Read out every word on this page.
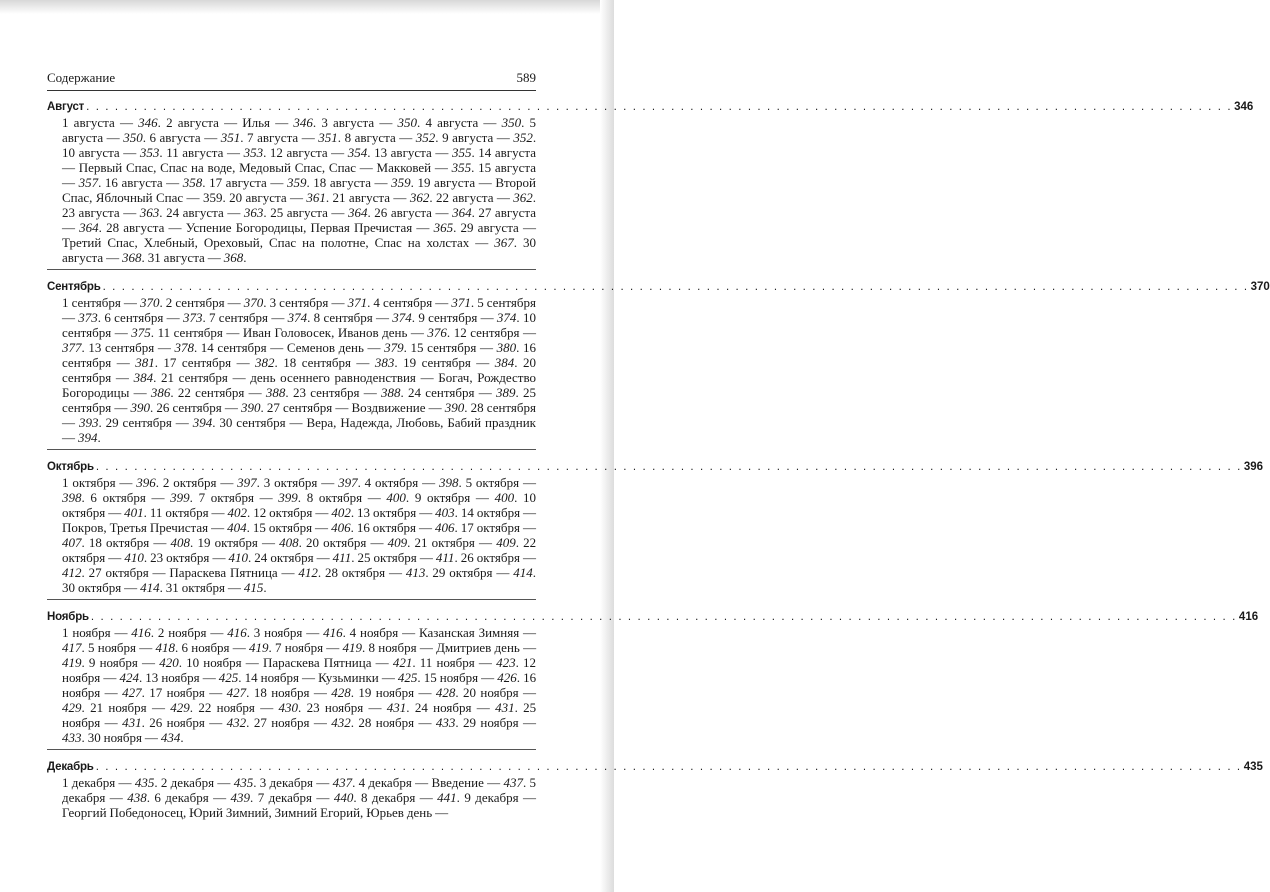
Содержание	589
Август . . . . . . . . . . . . . . . . . . . . . . . . . . . . . . . . . . . . . . . . . . . . . . . . . . . . . . . . . . . . . . . . . . . . . . . . . . . . . . . . . . . . . . . . . . . . . . . . . . . . . . . . . . . . . . . . . . . . . . . . 346
1 августа — 346. 2 августа — Илья — 346. 3 августа — 350. 4 августа — 350. 5 августа — 350. 6 августа — 351. 7 августа — 351. 8 августа — 352. 9 августа — 352. 10 августа — 353. 11 августа — 353. 12 августа — 354. 13 августа — 355. 14 августа — Первый Спас, Спас на воде, Медовый Спас, Спас — Макковей — 355. 15 августа — 357. 16 августа — 358. 17 августа — 359. 18 августа — 359. 19 августа — Второй Спас, Яблочный Спас — 359. 20 августа — 361. 21 августа — 362. 22 августа — 362. 23 августа — 363. 24 августа — 363. 25 августа — 364. 26 августа — 364. 27 августа — 364. 28 августа — Успение Богородицы, Первая Пречистая — 365. 29 августа — Третий Спас, Хлебный, Ореховый, Спас на полотне, Спас на холстах — 367. 30 августа — 368. 31 августа — 368.
Сентябрь . . . . . . . . . . . . . . . . . . . . . . . . . . . . . . . . . . . . . . . . . . . . . . . . . . . . . . . . . . . . . . . . . . . . . . . . . . . . . . . . . . . . . . . . . . . . . . . . . . . . . . . . . . . . . . . . . . . . . . . . 370
1 сентября — 370. 2 сентября — 370. 3 сентября — 371. 4 сентября — 371. 5 сентября — 373. 6 сентября — 373. 7 сентября — 374. 8 сентября — 374. 9 сентября — 374. 10 сентября — 375. 11 сентября — Иван Головосек, Иванов день — 376. 12 сентября — 377. 13 сентября — 378. 14 сентября — Семенов день — 379. 15 сентября — 380. 16 сентября — 381. 17 сентября — 382. 18 сентября — 383. 19 сентября — 384. 20 сентября — 384. 21 сентября — день осеннего равноденствия — Богач, Рождество Богородицы — 386. 22 сентября — 388. 23 сентября — 388. 24 сентября — 389. 25 сентября — 390. 26 сентября — 390. 27 сентября — Воздвижение — 390. 28 сентября — 393. 29 сентября — 394. 30 сентября — Вера, Надежда, Любовь, Бабий праздник — 394.
Октябрь . . . . . . . . . . . . . . . . . . . . . . . . . . . . . . . . . . . . . . . . . . . . . . . . . . . . . . . . . . . . . . . . . . . . . . . . . . . . . . . . . . . . . . . . . . . . . . . . . . . . . . . . . . . . . . . . . . . . . . . . 396
1 октября — 396. 2 октября — 397. 3 октября — 397. 4 октября — 398. 5 октября — 398. 6 октября — 399. 7 октября — 399. 8 октября — 400. 9 октября — 400. 10 октября — 401. 11 октября — 402. 12 октября — 402. 13 октября — 403. 14 октября — Покров, Третья Пречистая — 404. 15 октября — 406. 16 октября — 406. 17 октября — 407. 18 октября — 408. 19 октября — 408. 20 октября — 409. 21 октября — 409. 22 октября — 410. 23 октября — 410. 24 октября — 411. 25 октября — 411. 26 октября — 412. 27 октября — Параскева Пятница — 412. 28 октября — 413. 29 октября — 414. 30 октября — 414. 31 октября — 415.
Ноябрь . . . . . . . . . . . . . . . . . . . . . . . . . . . . . . . . . . . . . . . . . . . . . . . . . . . . . . . . . . . . . . . . . . . . . . . . . . . . . . . . . . . . . . . . . . . . . . . . . . . . . . . . . . . . . . . . . . . . . . . . 416
1 ноября — 416. 2 ноября — 416. 3 ноября — 416. 4 ноября — Казанская Зимняя — 417. 5 ноября — 418. 6 ноября — 419. 7 ноября — 419. 8 ноября — Дмитриев день — 419. 9 ноября — 420. 10 ноября — Параскева Пятница — 421. 11 ноября — 423. 12 ноября — 424. 13 ноября — 425. 14 ноября — Кузьминки — 425. 15 ноября — 426. 16 ноября — 427. 17 ноября — 427. 18 ноября — 428. 19 ноября — 428. 20 ноября — 429. 21 ноября — 429. 22 ноября — 430. 23 ноября — 431. 24 ноября — 431. 25 ноября — 431. 26 ноября — 432. 27 ноября — 432. 28 ноября — 433. 29 ноября — 433. 30 ноября — 434.
Декабрь . . . . . . . . . . . . . . . . . . . . . . . . . . . . . . . . . . . . . . . . . . . . . . . . . . . . . . . . . . . . . . . . . . . . . . . . . . . . . . . . . . . . . . . . . . . . . . . . . . . . . . . . . . . . . . . . . . . . . . . . 435
1 декабря — 435. 2 декабря — 435. 3 декабря — 437. 4 декабря — Введение — 437. 5 декабря — 438. 6 декабря — 439. 7 декабря — 440. 8 декабря — 441. 9 декабря — Георгий Победоносец, Юрий Зимний, Зимний Егорий, Юрьев день —
